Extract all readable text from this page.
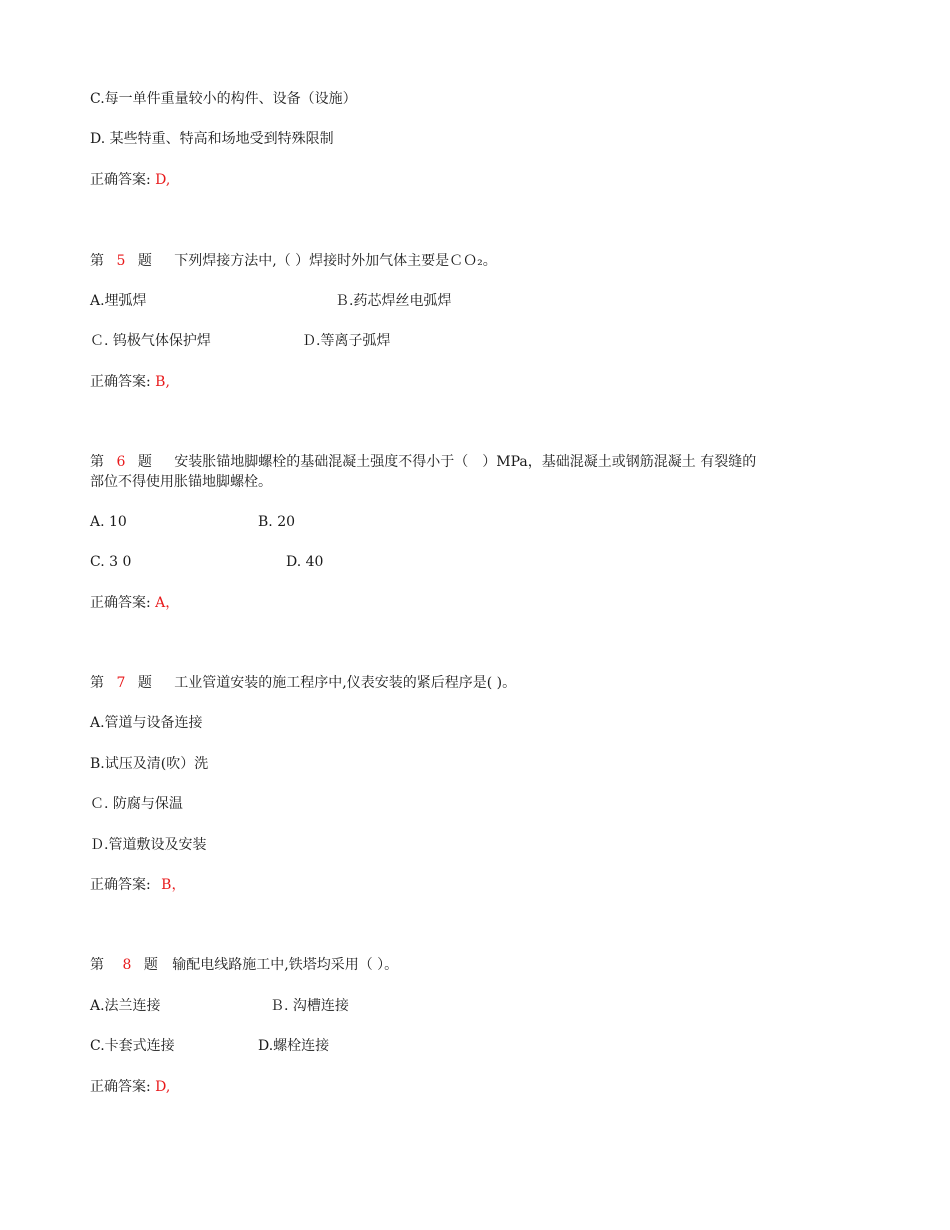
C.每一单件重量较小的构件、设备（设施）
D. 某些特重、特高和场地受到特殊限制
正确答案: D,
第 5 题 下列焊接方法中,（ ）焊接时外加气体主要是ＣＯ₂。
A.埋弧焊	Ｂ.药芯焊丝电弧焊
Ｃ. 钨极气体保护焊	Ｄ.等离子弧焊
正确答案: B,
第 6 题 安装胀锚地脚螺栓的基础混凝土强度不得小于（　）MPa，基础混凝土或钢筋混凝土 有裂缝的
部位不得使用胀锚地脚螺栓。
A. 10	B. 20
C. 3 0	D. 40
正确答案: A，
第 7 题 工业管道安装的施工程序中,仪表安装的紧后程序是( )。
A.管道与设备连接
B.试压及清(吹）洗
Ｃ. 防腐与保温
Ｄ.管道敷设及安装
正确答案: B，
第 8 题 输配电线路施工中,铁塔均采用（ ）。
A.法兰连接	Ｂ. 沟槽连接
C.卡套式连接	D.螺栓连接
正确答案: D,
